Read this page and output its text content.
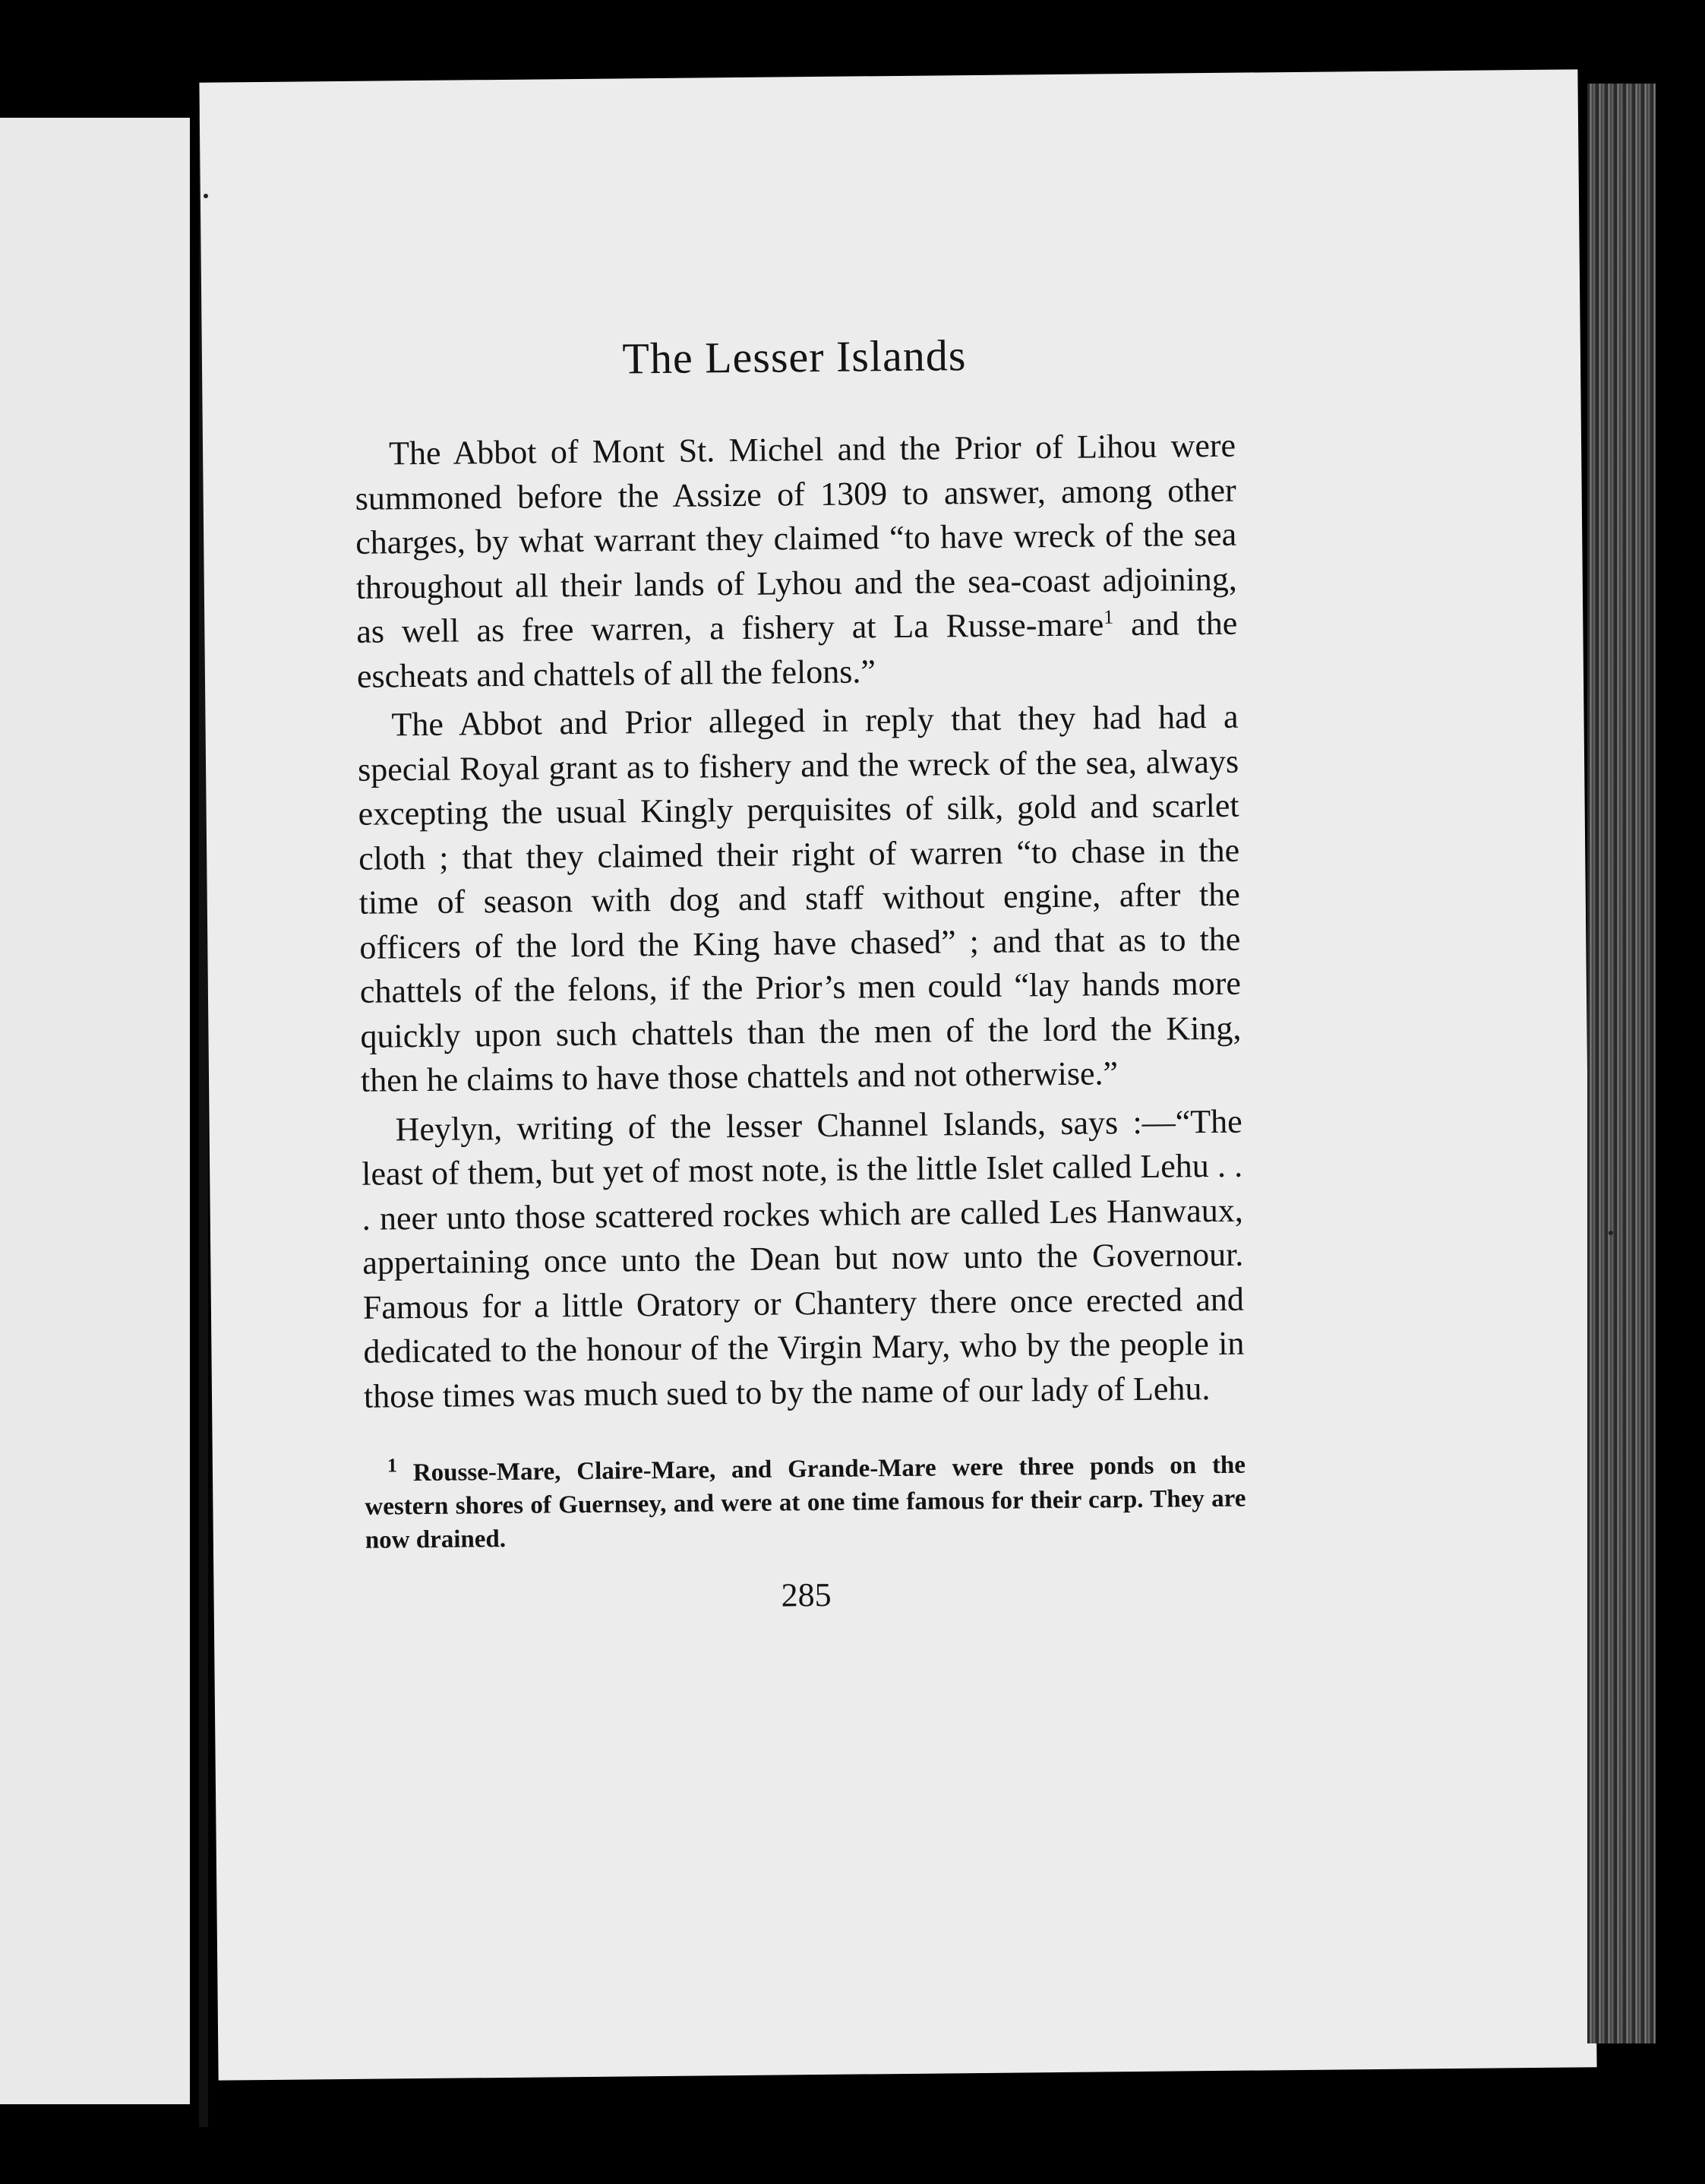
The Lesser Islands

The Abbot of Mont St. Michel and the Prior of Lihou were summoned before the Assize of 1309 to answer, among other charges, by what warrant they claimed “to have wreck of the sea throughout all their lands of Lyhou and the sea-coast adjoining, as well as free warren, a fishery at La Russe-mare$^1$ and the escheats and chattels of all the felons.”

The Abbot and Prior alleged in reply that they had had a special Royal grant as to fishery and the wreck of the sea, always excepting the usual Kingly perquisites of silk, gold and scarlet cloth ; that they claimed their right of warren “to chase in the time of season with dog and staff without engine, after the officers of the lord the King have chased” ; and that as to the chattels of the felons, if the Prior’s men could “lay hands more quickly upon such chattels than the men of the lord the King, then he claims to have those chattels and not otherwise.”

Heylyn, writing of the lesser Channel Islands, says :—“The least of them, but yet of most note, is the little Islet called Lehu . . . neer unto those scattered rockes which are called Les Hanwaux, appertaining once unto the Dean but now unto the Governour. Famous for a little Oratory or Chantery there once erected and dedicated to the honour of the Virgin Mary, who by the people in those times was much sued to by the name of our lady of Lehu.

$^1$ Rousse-Mare, Claire-Mare, and Grande-Mare were three ponds on the western shores of Guernsey, and were at one time famous for their carp. They are now drained.
285
